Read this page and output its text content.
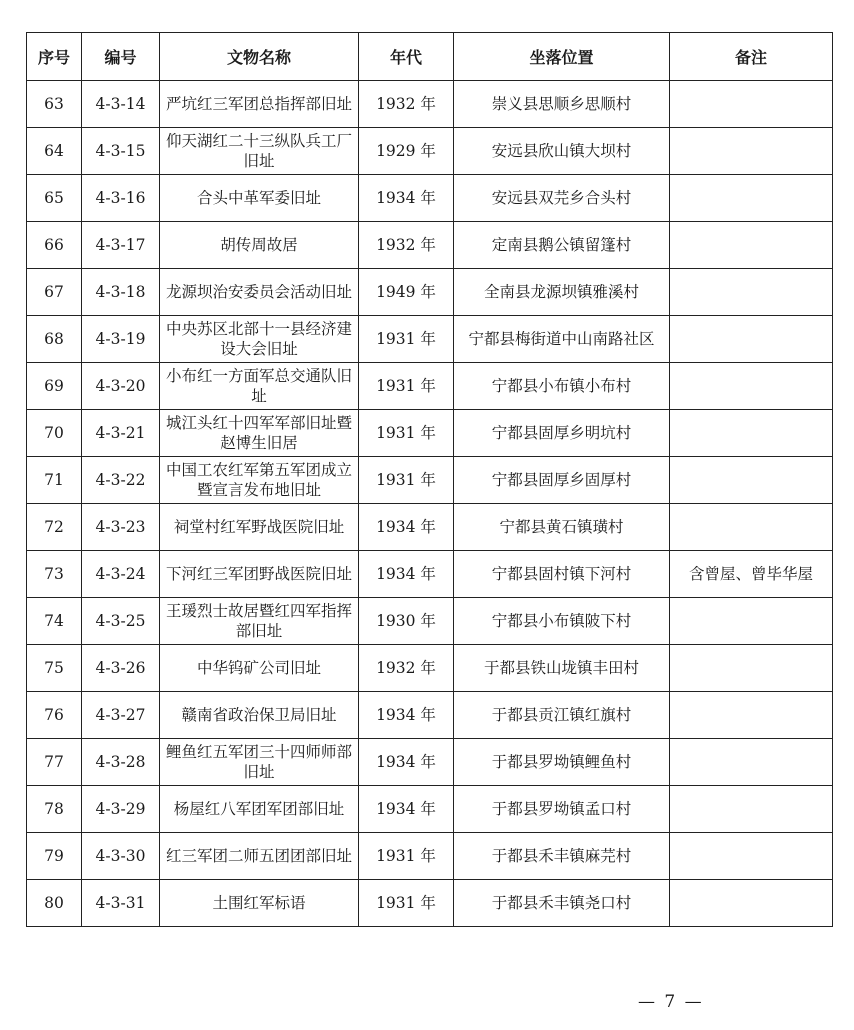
序号	编号	文物名称	年代	坐落位置	备注
63	4-3-14	严坑红三军团总指挥部旧址	1932 年	崇义县思顺乡思顺村	
64	4-3-15	仰天湖红二十三纵队兵工厂旧址	1929 年	安远县欣山镇大坝村	
65	4-3-16	合头中革军委旧址	1934 年	安远县双芫乡合头村	
66	4-3-17	胡传周故居	1932 年	定南县鹅公镇留篷村	
67	4-3-18	龙源坝治安委员会活动旧址	1949 年	全南县龙源坝镇雅溪村	
68	4-3-19	中央苏区北部十一县经济建设大会旧址	1931 年	宁都县梅街道中山南路社区	
69	4-3-20	小布红一方面军总交通队旧址	1931 年	宁都县小布镇小布村	
70	4-3-21	城江头红十四军军部旧址暨赵博生旧居	1931 年	宁都县固厚乡明坑村	
71	4-3-22	中国工农红军第五军团成立暨宣言发布地旧址	1931 年	宁都县固厚乡固厚村	
72	4-3-23	祠堂村红军野战医院旧址	1934 年	宁都县黄石镇璜村	
73	4-3-24	下河红三军团野战医院旧址	1934 年	宁都县固村镇下河村	含曾屋、曾毕华屋
74	4-3-25	王瑗烈士故居暨红四军指挥部旧址	1930 年	宁都县小布镇陂下村	
75	4-3-26	中华钨矿公司旧址	1932 年	于都县铁山垅镇丰田村	
76	4-3-27	赣南省政治保卫局旧址	1934 年	于都县贡江镇红旗村	
77	4-3-28	鲤鱼红五军团三十四师师部旧址	1934 年	于都县罗坳镇鲤鱼村	
78	4-3-29	杨屋红八军团军团部旧址	1934 年	于都县罗坳镇孟口村	
79	4-3-30	红三军团二师五团团部旧址	1931 年	于都县禾丰镇麻芫村	
80	4-3-31	土围红军标语	1931 年	于都县禾丰镇尧口村	
— 7 —
